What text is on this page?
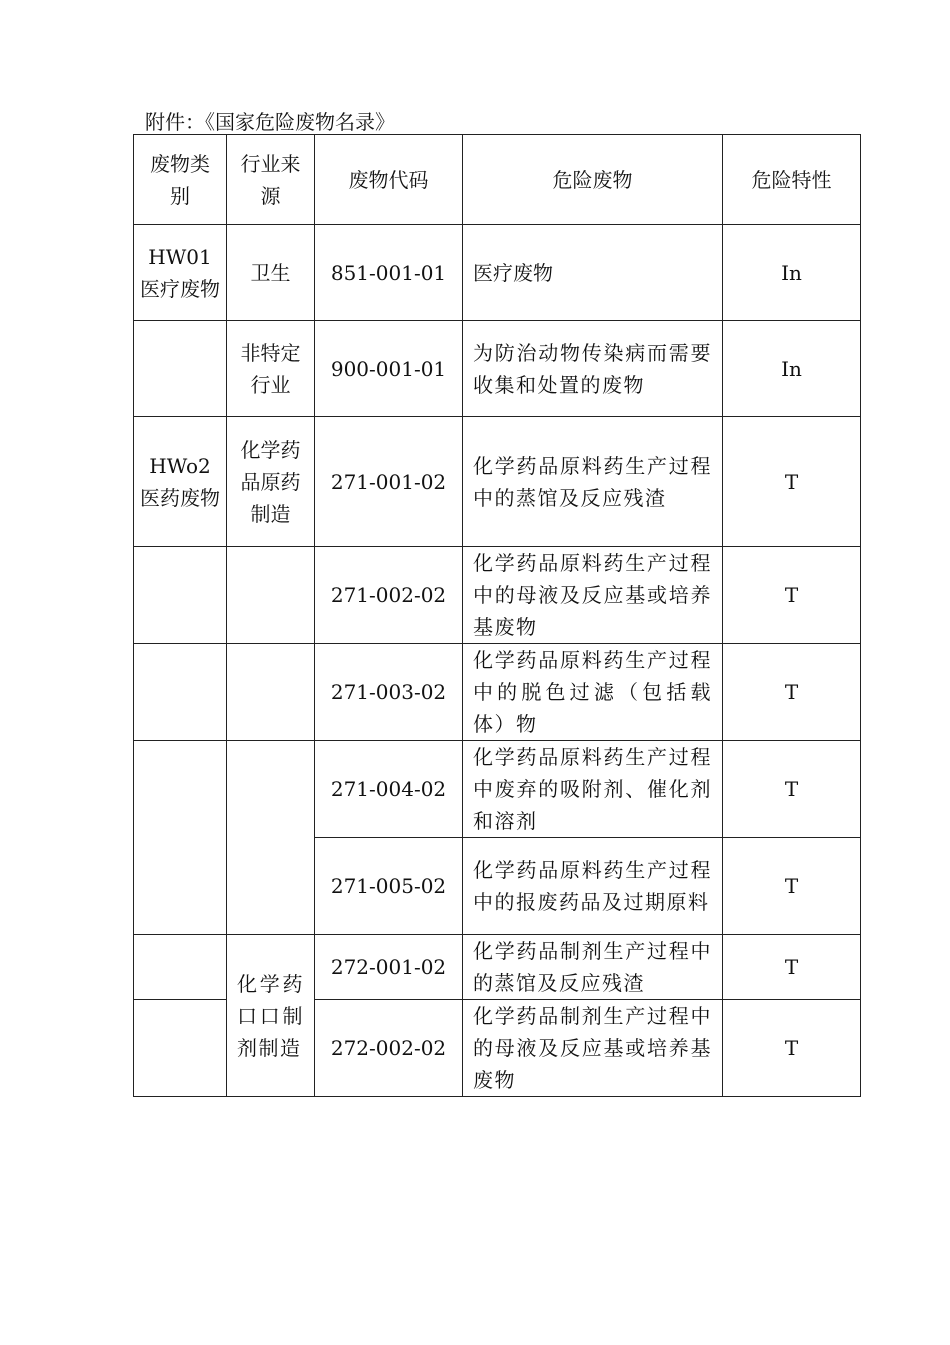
附件：《国家危险废物名录》
废物类别	行业来源	废物代码	危险废物	危险特性
HW01医疗废物	卫生	851-001-01	医疗废物	In
	非特定行业	900-001-01	为防治动物传染病而需要收集和处置的废物	In
HWo2医药废物	化学药品原药制造	271-001-02	化学药品原料药生产过程中的蒸馆及反应残渣	T
		271-002-02	化学药品原料药生产过程中的母液及反应基或培养基废物	T
		271-003-02	化学药品原料药生产过程中的脱色过滤（包括载体）物	T
		271-004-02	化学药品原料药生产过程中废弃的吸附剂、催化剂和溶剂	T
		271-005-02	化学药品原料药生产过程中的报废药品及过期原料	T
	化学药口口制剂制造	272-001-02	化学药品制剂生产过程中的蒸馆及反应残渣	T
		272-002-02	化学药品制剂生产过程中的母液及反应基或培养基废物	T
